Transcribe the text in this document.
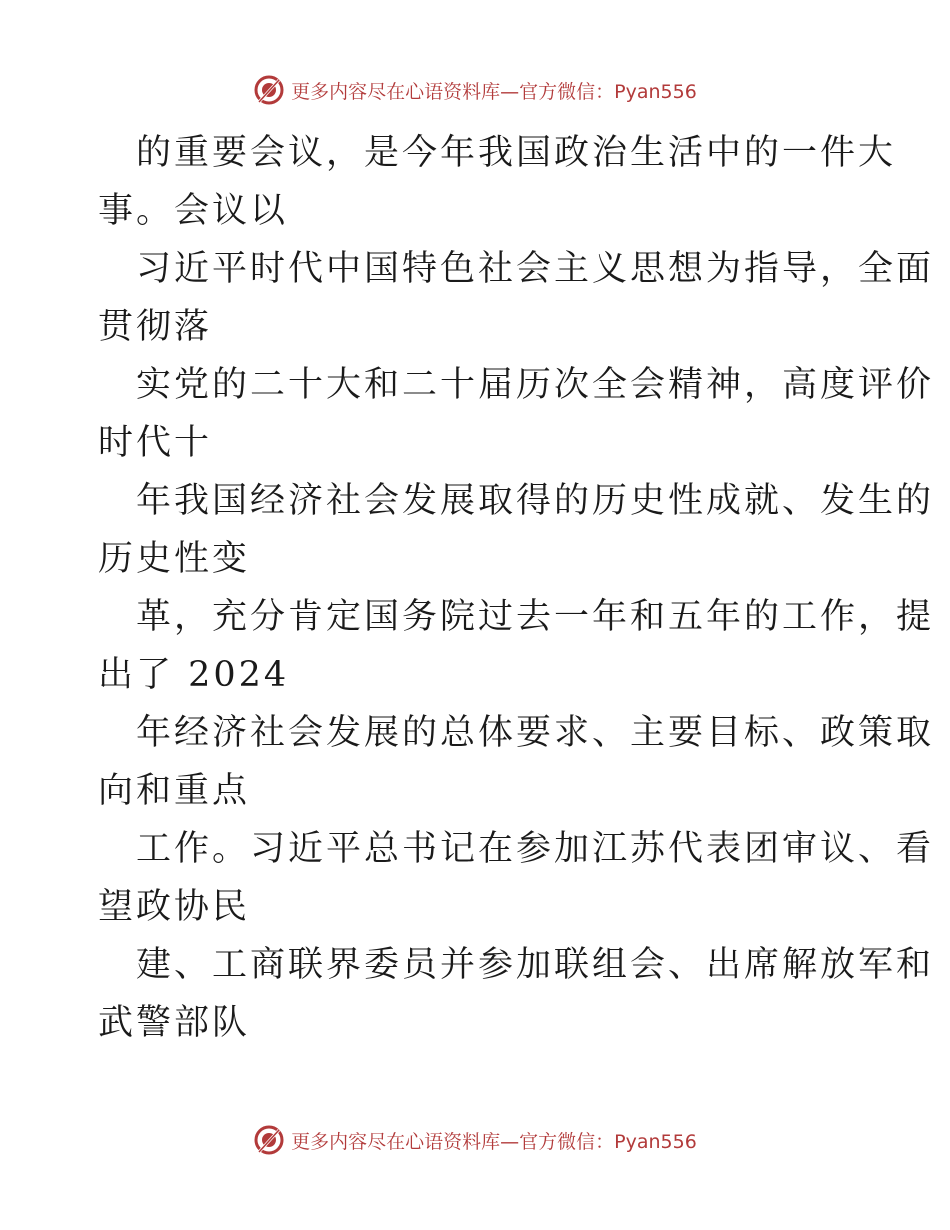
更多内容尽在心语资料库—官方微信：Pyan556
的重要会议，是今年我国政治生活中的一件大
事。会议以
习近平时代中国特色社会主义思想为指导，全面
贯彻落
实党的二十大和二十届历次全会精神，高度评价
时代十
年我国经济社会发展取得的历史性成就、发生的
历史性变
革，充分肯定国务院过去一年和五年的工作，提
出了 2024
年经济社会发展的总体要求、主要目标、政策取
向和重点
工作。习近平总书记在参加江苏代表团审议、看
望政协民
建、工商联界委员并参加联组会、出席解放军和
武警部队
更多内容尽在心语资料库—官方微信：Pyan556
